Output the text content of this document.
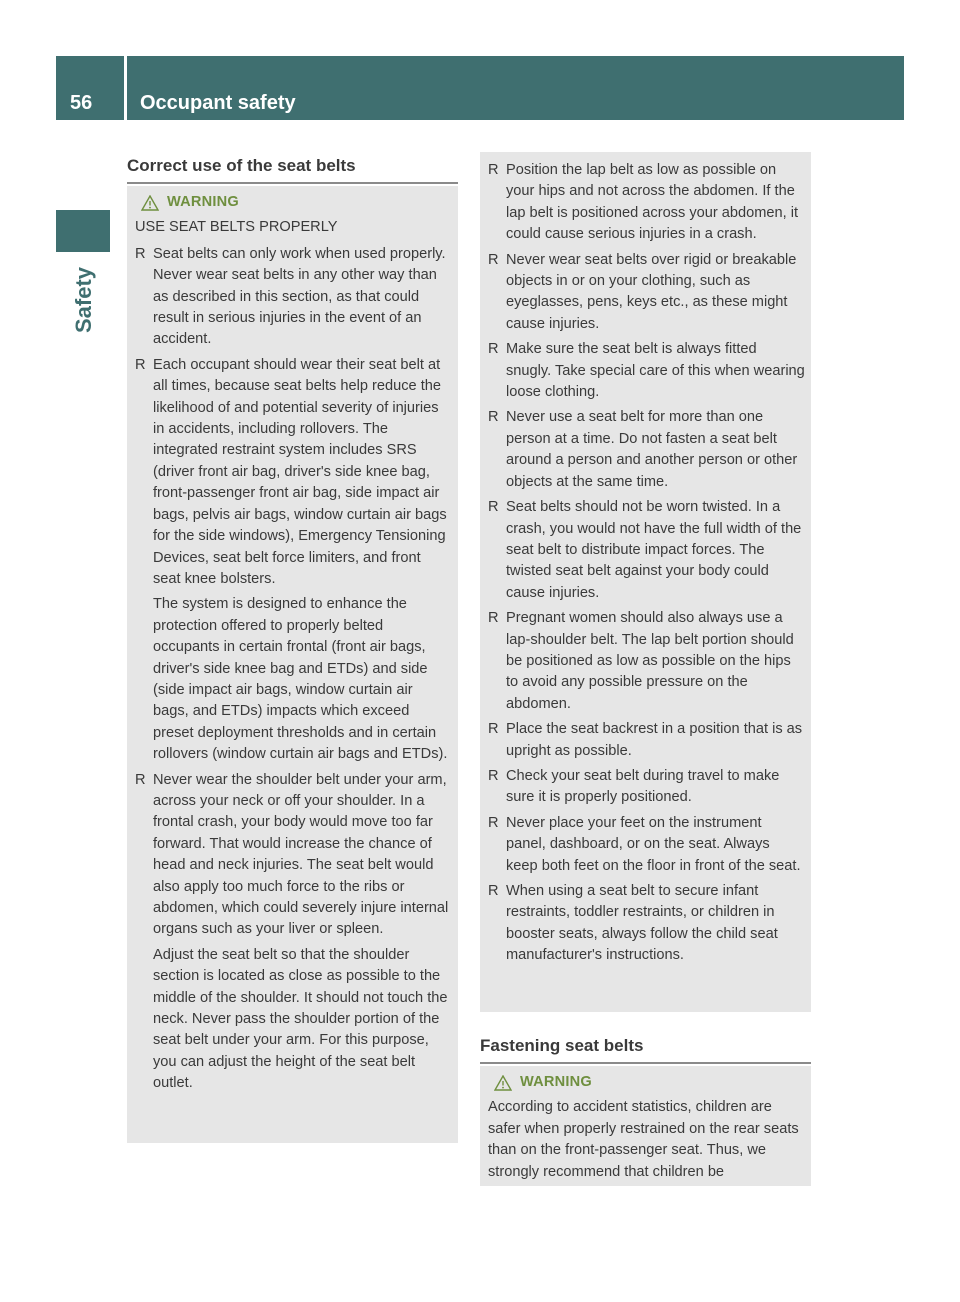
56 Occupant safety
Safety
Correct use of the seat belts
WARNING

USE SEAT BELTS PROPERLY

R Seat belts can only work when used properly. Never wear seat belts in any other way than as described in this section, as that could result in serious injuries in the event of an accident.
R Each occupant should wear their seat belt at all times, because seat belts help reduce the likelihood of and potential severity of injuries in accidents, including rollovers. The integrated restraint system includes SRS (driver front air bag, driver's side knee bag, front-passenger front air bag, side impact air bags, pelvis air bags, window curtain air bags for the side windows), Emergency Tensioning Devices, seat belt force limiters, and front seat knee bolsters.

The system is designed to enhance the protection offered to properly belted occupants in certain frontal (front air bags, driver's side knee bag and ETDs) and side (side impact air bags, window curtain air bags, and ETDs) impacts which exceed preset deployment thresholds and in certain rollovers (window curtain air bags and ETDs).

R Never wear the shoulder belt under your arm, across your neck or off your shoulder. In a frontal crash, your body would move too far forward. That would increase the chance of head and neck injuries. The seat belt would also apply too much force to the ribs or abdomen, which could severely injure internal organs such as your liver or spleen.

Adjust the seat belt so that the shoulder section is located as close as possible to the middle of the shoulder. It should not touch the neck. Never pass the shoulder portion of the seat belt under your arm. For this purpose, you can adjust the height of the seat belt outlet.

R Position the lap belt as low as possible on your hips and not across the abdomen. If the lap belt is positioned across your abdomen, it could cause serious injuries in a crash.
R Never wear seat belts over rigid or breakable objects in or on your clothing, such as eyeglasses, pens, keys etc., as these might cause injuries.
R Make sure the seat belt is always fitted snugly. Take special care of this when wearing loose clothing.
R Never use a seat belt for more than one person at a time. Do not fasten a seat belt around a person and another person or other objects at the same time.
R Seat belts should not be worn twisted. In a crash, you would not have the full width of the seat belt to distribute impact forces. The twisted seat belt against your body could cause injuries.
R Pregnant women should also always use a lap-shoulder belt. The lap belt portion should be positioned as low as possible on the hips to avoid any possible pressure on the abdomen.
R Place the seat backrest in a position that is as upright as possible.
R Check your seat belt during travel to make sure it is properly positioned.
R Never place your feet on the instrument panel, dashboard, or on the seat. Always keep both feet on the floor in front of the seat.
R When using a seat belt to secure infant restraints, toddler restraints, or children in booster seats, always follow the child seat manufacturer's instructions.
Fastening seat belts
WARNING

According to accident statistics, children are safer when properly restrained on the rear seats than on the front-passenger seat. Thus, we strongly recommend that children be
